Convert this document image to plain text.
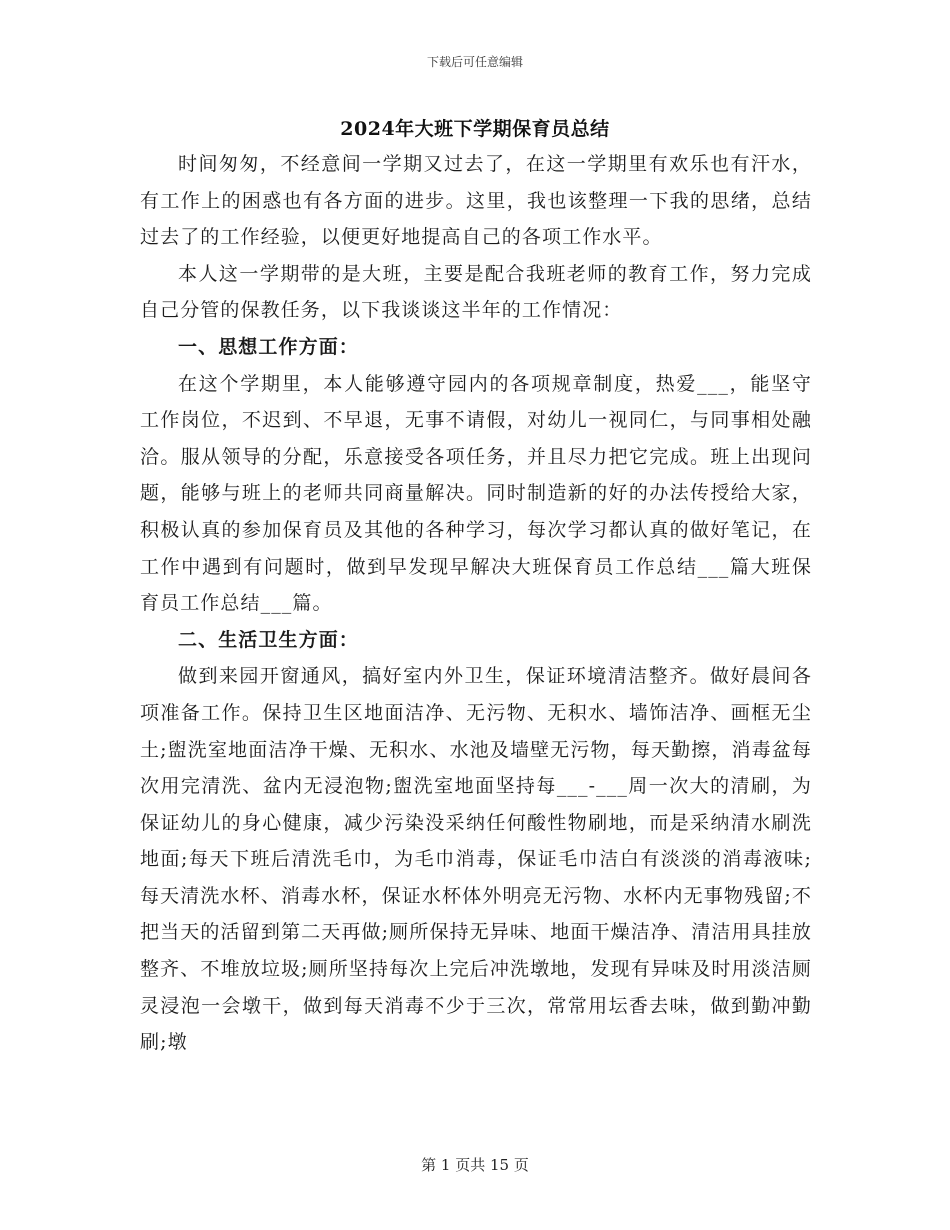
下载后可任意编辑
2024年大班下学期保育员总结

时间匆匆，不经意间一学期又过去了，在这一学期里有欢乐也有汗水，有工作上的困惑也有各方面的进步。这里，我也该整理一下我的思绪，总结过去了的工作经验，以便更好地提高自己的各项工作水平。

本人这一学期带的是大班，主要是配合我班老师的教育工作，努力完成自己分管的保教任务，以下我谈谈这半年的工作情况：

一、思想工作方面：

在这个学期里，本人能够遵守园内的各项规章制度，热爱___，能坚守工作岗位，不迟到、不早退，无事不请假，对幼儿一视同仁，与同事相处融洽。服从领导的分配，乐意接受各项任务，并且尽力把它完成。班上出现问题，能够与班上的老师共同商量解决。同时制造新的好的办法传授给大家，积极认真的参加保育员及其他的各种学习，每次学习都认真的做好笔记，在工作中遇到有问题时，做到早发现早解决大班保育员工作总结___篇大班保育员工作总结___篇。

二、生活卫生方面：

做到来园开窗通风，搞好室内外卫生，保证环境清洁整齐。做好晨间各项准备工作。保持卫生区地面洁净、无污物、无积水、墙饰洁净、画框无尘土;盥洗室地面洁净干燥、无积水、水池及墙壁无污物，每天勤擦，消毒盆每次用完清洗、盆内无浸泡物;盥洗室地面坚持每___-___周一次大的清刷，为保证幼儿的身心健康，减少污染没采纳任何酸性物刷地，而是采纳清水刷洗地面;每天下班后清洗毛巾，为毛巾消毒，保证毛巾洁白有淡淡的消毒液味;每天清洗水杯、消毒水杯，保证水杯体外明亮无污物、水杯内无事物残留;不把当天的活留到第二天再做;厕所保持无异味、地面干燥洁净、清洁用具挂放整齐、不堆放垃圾;厕所坚持每次上完后冲洗墩地，发现有异味及时用淡洁厕灵浸泡一会墩干，做到每天消毒不少于三次，常常用坛香去味，做到勤冲勤刷;墩

第 1 页共 15 页
